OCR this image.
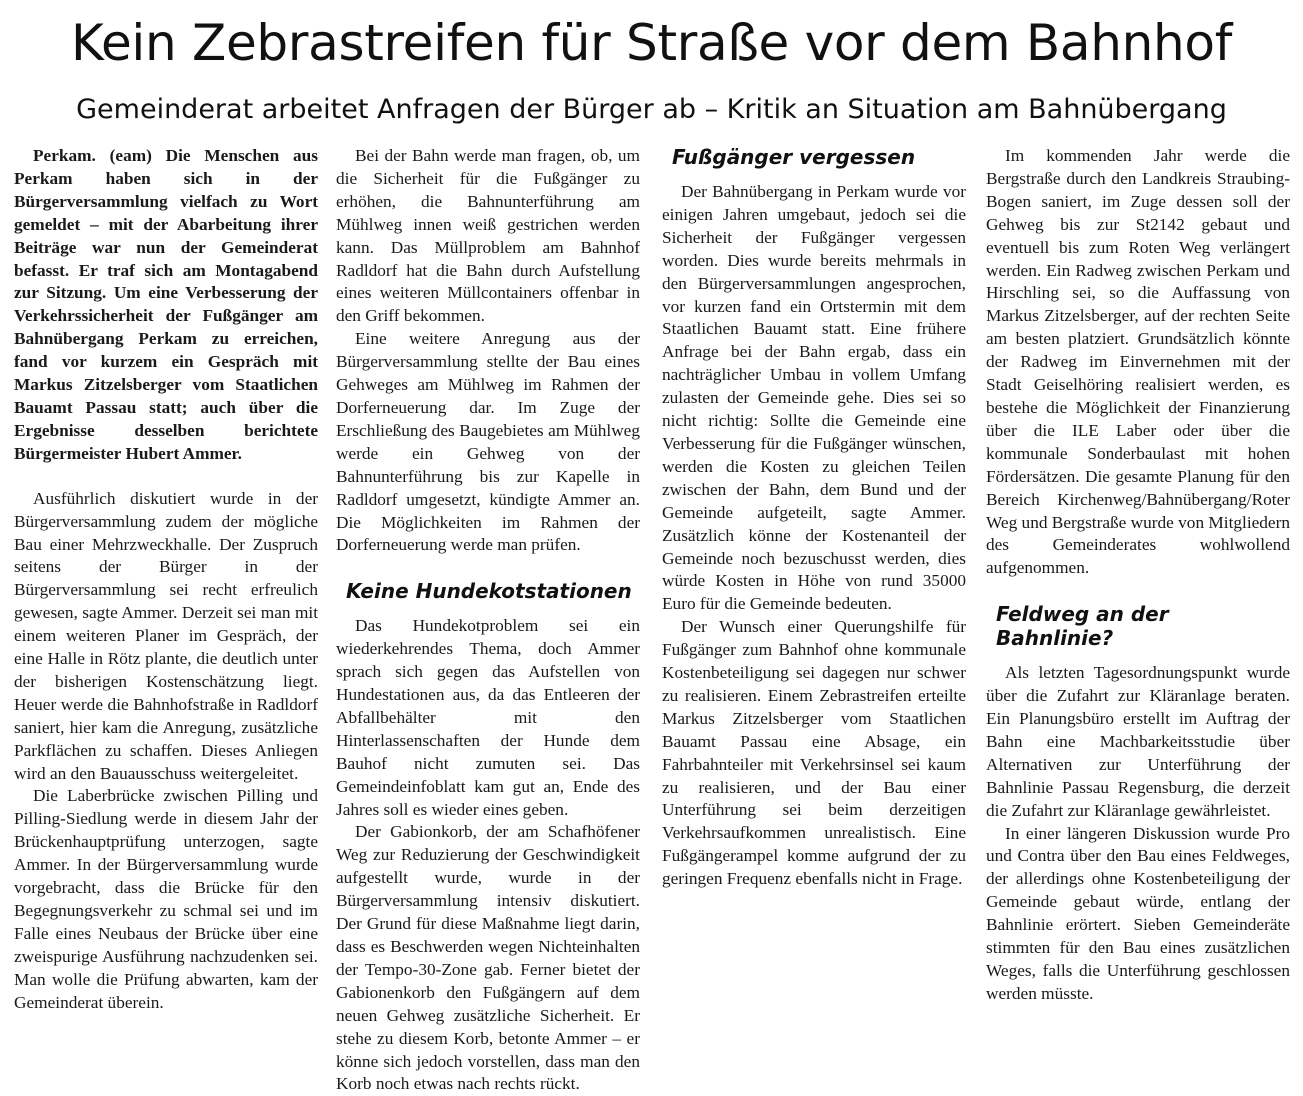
Kein Zebrastreifen für Straße vor dem Bahnhof
Gemeinderat arbeitet Anfragen der Bürger ab – Kritik an Situation am Bahnübergang

Perkam. (eam) Die Menschen aus Perkam haben sich in der Bürgerversammlung vielfach zu Wort gemeldet – mit der Abarbeitung ihrer Beiträge war nun der Gemeinderat befasst. Er traf sich am Montagabend zur Sitzung. Um eine Verbesserung der Verkehrssicherheit der Fußgänger am Bahnübergang Perkam zu erreichen, fand vor kurzem ein Gespräch mit Markus Zitzelsberger vom Staatlichen Bauamt Passau statt; auch über die Ergebnisse desselben berichtete Bürgermeister Hubert Ammer.

Ausführlich diskutiert wurde in der Bürgerversammlung zudem der mögliche Bau einer Mehrzweckhalle. Der Zuspruch seitens der Bürger in der Bürgerversammlung sei recht erfreulich gewesen, sagte Ammer. Derzeit sei man mit einem weiteren Planer im Gespräch, der eine Halle in Rötz plante, die deutlich unter der bisherigen Kostenschätzung liegt. Heuer werde die Bahnhofstraße in Radldorf saniert, hier kam die Anregung, zusätzliche Parkflächen zu schaffen. Dieses Anliegen wird an den Bauausschuss weitergeleitet.

Die Laberbrücke zwischen Pilling und Pilling-Siedlung werde in diesem Jahr der Brückenhauptprüfung unterzogen, sagte Ammer. In der Bürgerversammlung wurde vorgebracht, dass die Brücke für den Begegnungsverkehr zu schmal sei und im Falle eines Neubaus der Brücke über eine zweispurige Ausführung nachzudenken sei. Man wolle die Prüfung abwarten, kam der Gemeinderat überein.

Bei der Bahn werde man fragen, ob, um die Sicherheit für die Fußgänger zu erhöhen, die Bahnunterführung am Mühlweg innen weiß gestrichen werden kann. Das Müllproblem am Bahnhof Radldorf hat die Bahn durch Aufstellung eines weiteren Müllcontainers offenbar in den Griff bekommen.

Eine weitere Anregung aus der Bürgerversammlung stellte der Bau eines Gehweges am Mühlweg im Rahmen der Dorferneuerung dar. Im Zuge der Erschließung des Baugebietes am Mühlweg werde ein Gehweg von der Bahnunterführung bis zur Kapelle in Radldorf umgesetzt, kündigte Ammer an. Die Möglichkeiten im Rahmen der Dorferneuerung werde man prüfen.

Keine Hundekotstationen

Das Hundekotproblem sei ein wiederkehrendes Thema, doch Ammer sprach sich gegen das Aufstellen von Hundestationen aus, da das Entleeren der Abfallbehälter mit den Hinterlassenschaften der Hunde dem Bauhof nicht zumuten sei. Das Gemeindeinfoblatt kam gut an, Ende des Jahres soll es wieder eines geben.

Der Gabionkorb, der am Schafhöfener Weg zur Reduzierung der Geschwindigkeit aufgestellt wurde, wurde in der Bürgerversammlung intensiv diskutiert. Der Grund für diese Maßnahme liegt darin, dass es Beschwerden wegen Nichteinhalten der Tempo-30-Zone gab. Ferner bietet der Gabionenkorb den Fußgängern auf dem neuen Gehweg zusätzliche Sicherheit. Er stehe zu diesem Korb, betonte Ammer – er könne sich jedoch vorstellen, dass man den Korb noch etwas nach rechts rückt.

Fußgänger vergessen

Der Bahnübergang in Perkam wurde vor einigen Jahren umgebaut, jedoch sei die Sicherheit der Fußgänger vergessen worden. Dies wurde bereits mehrmals in den Bürgerversammlungen angesprochen, vor kurzen fand ein Ortstermin mit dem Staatlichen Bauamt statt. Eine frühere Anfrage bei der Bahn ergab, dass ein nachträglicher Umbau in vollem Umfang zulasten der Gemeinde gehe. Dies sei so nicht richtig: Sollte die Gemeinde eine Verbesserung für die Fußgänger wünschen, werden die Kosten zu gleichen Teilen zwischen der Bahn, dem Bund und der Gemeinde aufgeteilt, sagte Ammer. Zusätzlich könne der Kostenanteil der Gemeinde noch bezuschusst werden, dies würde Kosten in Höhe von rund 35000 Euro für die Gemeinde bedeuten.

Der Wunsch einer Querungshilfe für Fußgänger zum Bahnhof ohne kommunale Kostenbeteiligung sei dagegen nur schwer zu realisieren. Einem Zebrastreifen erteilte Markus Zitzelsberger vom Staatlichen Bauamt Passau eine Absage, ein Fahrbahnteiler mit Verkehrsinsel sei kaum zu realisieren, und der Bau einer Unterführung sei beim derzeitigen Verkehrsaufkommen unrealistisch. Eine Fußgängerampel komme aufgrund der zu geringen Frequenz ebenfalls nicht in Frage.

Im kommenden Jahr werde die Bergstraße durch den Landkreis Straubing-Bogen saniert, im Zuge dessen soll der Gehweg bis zur St2142 gebaut und eventuell bis zum Roten Weg verlängert werden. Ein Radweg zwischen Perkam und Hirschling sei, so die Auffassung von Markus Zitzelsberger, auf der rechten Seite am besten platziert. Grundsätzlich könnte der Radweg im Einvernehmen mit der Stadt Geiselhöring realisiert werden, es bestehe die Möglichkeit der Finanzierung über die ILE Laber oder über die kommunale Sonderbaulast mit hohen Fördersätzen. Die gesamte Planung für den Bereich Kirchenweg/Bahnübergang/Roter Weg und Bergstraße wurde von Mitgliedern des Gemeinderates wohlwollend aufgenommen.

Feldweg an der Bahnlinie?

Als letzten Tagesordnungspunkt wurde über die Zufahrt zur Kläranlage beraten. Ein Planungsbüro erstellt im Auftrag der Bahn eine Machbarkeitsstudie über Alternativen zur Unterführung der Bahnlinie Passau Regensburg, die derzeit die Zufahrt zur Kläranlage gewährleistet.

In einer längeren Diskussion wurde Pro und Contra über den Bau eines Feldweges, der allerdings ohne Kostenbeteiligung der Gemeinde gebaut würde, entlang der Bahnlinie erörtert. Sieben Gemeinderäte stimmten für den Bau eines zusätzlichen Weges, falls die Unterführung geschlossen werden müsste.
